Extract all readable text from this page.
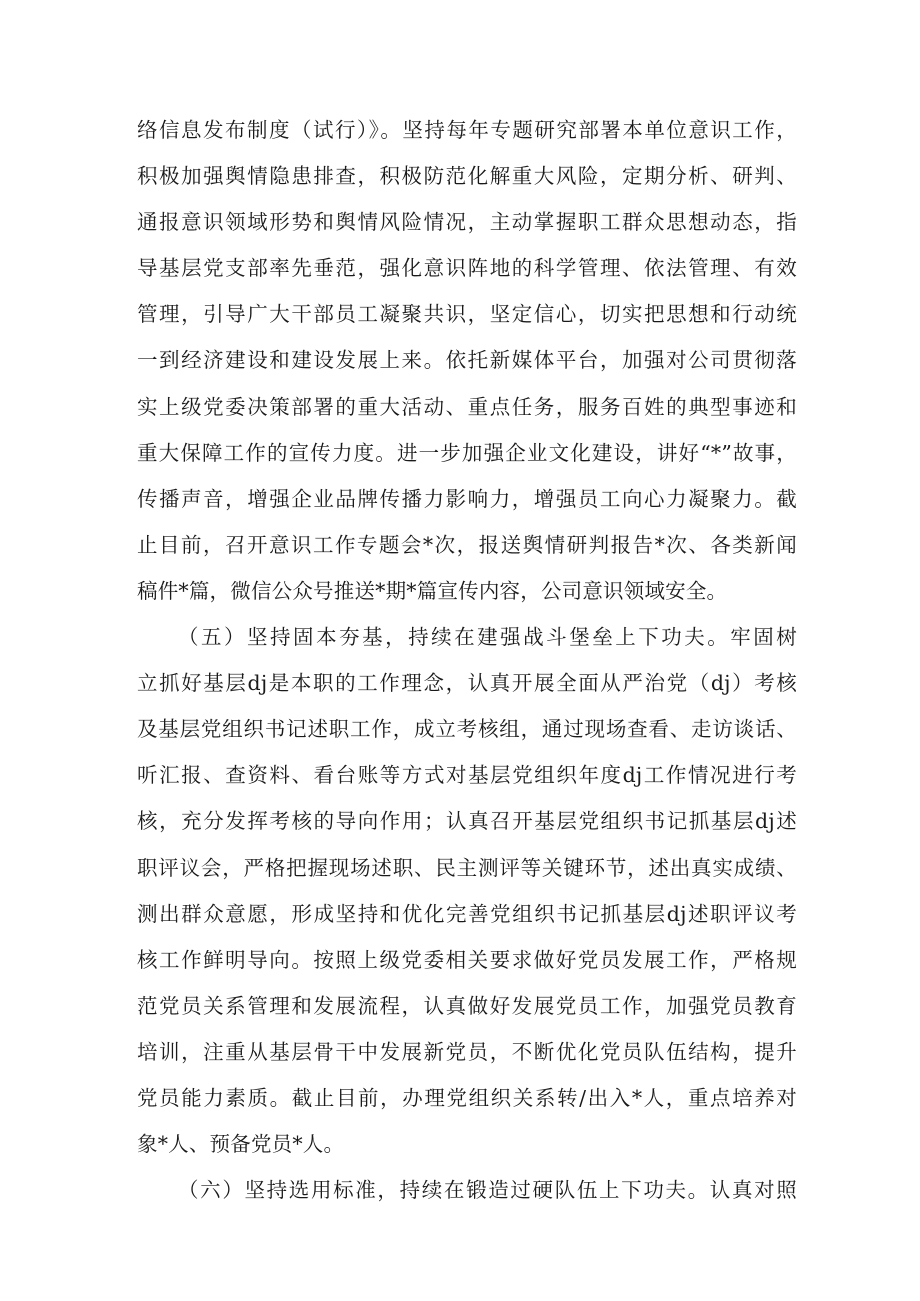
络信息发布制度（试行）》。坚持每年专题研究部署本单位意识工作，
积极加强舆情隐患排查，积极防范化解重大风险，定期分析、研判、
通报意识领域形势和舆情风险情况，主动掌握职工群众思想动态，指
导基层党支部率先垂范，强化意识阵地的科学管理、依法管理、有效
管理，引导广大干部员工凝聚共识，坚定信心，切实把思想和行动统
一到经济建设和建设发展上来。依托新媒体平台，加强对公司贯彻落
实上级党委决策部署的重大活动、重点任务，服务百姓的典型事迹和
重大保障工作的宣传力度。进一步加强企业文化建设，讲好“*”故事，
传播声音，增强企业品牌传播力影响力，增强员工向心力凝聚力。截
止目前，召开意识工作专题会*次，报送舆情研判报告*次、各类新闻
稿件*篇，微信公众号推送*期*篇宣传内容，公司意识领域安全。
（五）坚持固本夯基，持续在建强战斗堡垒上下功夫。牢固树
立抓好基层dj是本职的工作理念，认真开展全面从严治党（dj）考核
及基层党组织书记述职工作，成立考核组，通过现场查看、走访谈话、
听汇报、查资料、看台账等方式对基层党组织年度dj工作情况进行考
核，充分发挥考核的导向作用；认真召开基层党组织书记抓基层dj述
职评议会，严格把握现场述职、民主测评等关键环节，述出真实成绩、
测出群众意愿，形成坚持和优化完善党组织书记抓基层dj述职评议考
核工作鲜明导向。按照上级党委相关要求做好党员发展工作，严格规
范党员关系管理和发展流程，认真做好发展党员工作，加强党员教育
培训，注重从基层骨干中发展新党员，不断优化党员队伍结构，提升
党员能力素质。截止目前，办理党组织关系转/出入*人，重点培养对
象*人、预备党员*人。
（六）坚持选用标准，持续在锻造过硬队伍上下功夫。认真对照
